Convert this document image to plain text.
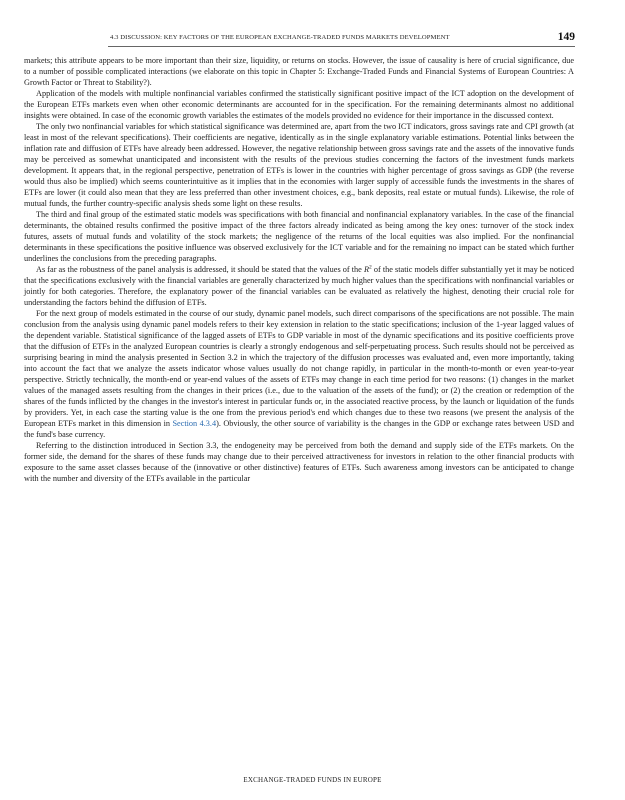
4.3 DISCUSSION: KEY FACTORS OF THE EUROPEAN EXCHANGE-TRADED FUNDS MARKETS DEVELOPMENT	149

markets; this attribute appears to be more important than their size, liquidity, or returns on stocks. However, the issue of causality is here of crucial significance, due to a number of possible complicated interactions (we elaborate on this topic in Chapter 5: Exchange-Traded Funds and Financial Systems of European Countries: A Growth Factor or Threat to Stability?).

Application of the models with multiple nonfinancial variables confirmed the statistically significant positive impact of the ICT adoption on the development of the European ETFs markets even when other economic determinants are accounted for in the specification. For the remaining determinants almost no additional insights were obtained. In case of the economic growth variables the estimates of the models provided no evidence for their importance in the discussed context.

The only two nonfinancial variables for which statistical significance was determined are, apart from the two ICT indicators, gross savings rate and CPI growth (at least in most of the relevant specifications). Their coefficients are negative, identically as in the single explanatory variable estimations. Potential links between the inflation rate and diffusion of ETFs have already been addressed. However, the negative relationship between gross savings rate and the assets of the innovative funds may be perceived as somewhat unanticipated and inconsistent with the results of the previous studies concerning the factors of the investment funds markets development. It appears that, in the regional perspective, penetration of ETFs is lower in the countries with higher percentage of gross savings as GDP (the reverse would thus also be implied) which seems counterintuitive as it implies that in the economies with larger supply of accessible funds the investments in the shares of ETFs are lower (it could also mean that they are less preferred than other investment choices, e.g., bank deposits, real estate or mutual funds). Likewise, the role of mutual funds, the further country-specific analysis sheds some light on these results.

The third and final group of the estimated static models was specifications with both financial and nonfinancial explanatory variables. In the case of the financial determinants, the obtained results confirmed the positive impact of the three factors already indicated as being among the key ones: turnover of the stock index futures, assets of mutual funds and volatility of the stock markets; the negligence of the returns of the local equities was also implied. For the nonfinancial determinants in these specifications the positive influence was observed exclusively for the ICT variable and for the remaining no impact can be stated which further underlines the conclusions from the preceding paragraphs.

As far as the robustness of the panel analysis is addressed, it should be stated that the values of the $R^2$ of the static models differ substantially yet it may be noticed that the specifications exclusively with the financial variables are generally characterized by much higher values than the specifications with nonfinancial variables or jointly for both categories. Therefore, the explanatory power of the financial variables can be evaluated as relatively the highest, denoting their crucial role for understanding the factors behind the diffusion of ETFs.

For the next group of models estimated in the course of our study, dynamic panel models, such direct comparisons of the specifications are not possible. The main conclusion from the analysis using dynamic panel models refers to their key extension in relation to the static specifications; inclusion of the 1-year lagged values of the dependent variable. Statistical significance of the lagged assets of ETFs to GDP variable in most of the dynamic specifications and its positive coefficients prove that the diffusion of ETFs in the analyzed European countries is clearly a strongly endogenous and self-perpetuating process. Such results should not be perceived as surprising bearing in mind the analysis presented in Section 3.2 in which the trajectory of the diffusion processes was evaluated and, even more importantly, taking into account the fact that we analyze the assets indicator whose values usually do not change rapidly, in particular in the month-to-month or even year-to-year perspective. Strictly technically, the month-end or year-end values of the assets of ETFs may change in each time period for two reasons: (1) changes in the market values of the managed assets resulting from the changes in their prices (i.e., due to the valuation of the assets of the fund); or (2) the creation or redemption of the shares of the funds inflicted by the changes in the investor's interest in particular funds or, in the associated reactive process, by the launch or liquidation of the funds by providers. Yet, in each case the starting value is the one from the previous period's end which changes due to these two reasons (we present the analysis of the European ETFs market in this dimension in Section 4.3.4). Obviously, the other source of variability is the changes in the GDP or exchange rates between USD and the fund's base currency.

Referring to the distinction introduced in Section 3.3, the endogeneity may be perceived from both the demand and supply side of the ETFs markets. On the former side, the demand for the shares of these funds may change due to their perceived attractiveness for investors in relation to the other financial products with exposure to the same asset classes because of the (innovative or other distinctive) features of ETFs. Such awareness among investors can be anticipated to change with the number and diversity of the ETFs available in the particular

EXCHANGE-TRADED FUNDS IN EUROPE
